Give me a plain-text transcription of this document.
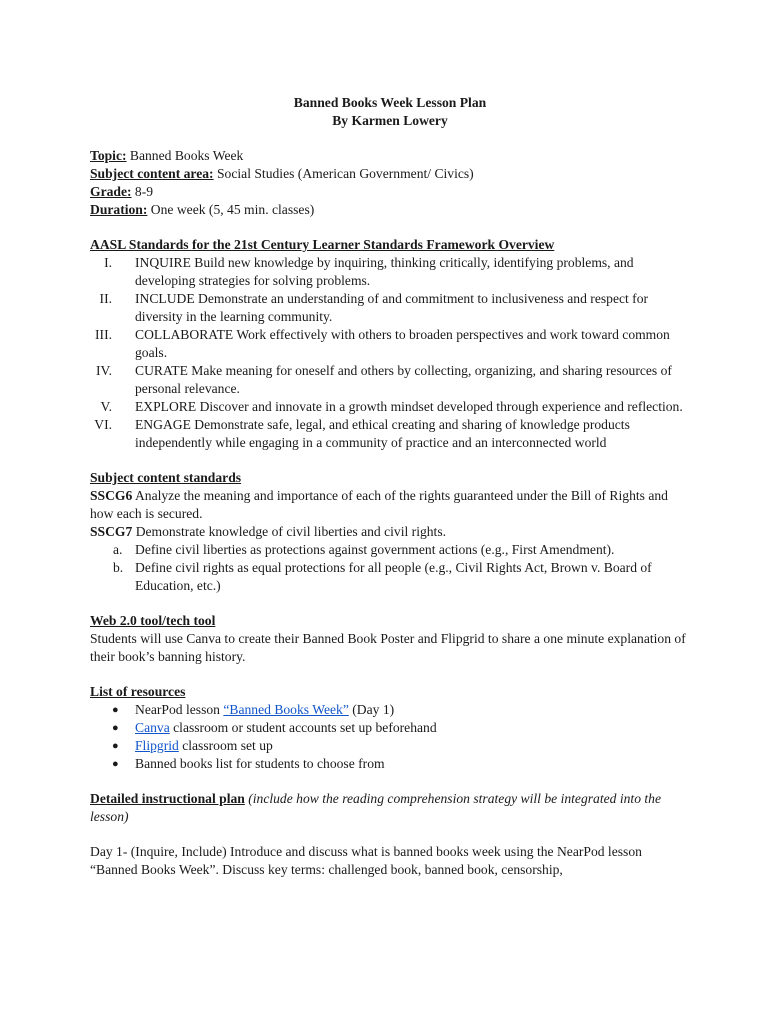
Banned Books Week Lesson Plan
By Karmen Lowery
Topic: Banned Books Week
Subject content area: Social Studies (American Government/ Civics)
Grade: 8-9
Duration: One week (5, 45 min. classes)
AASL Standards for the 21st Century Learner Standards Framework Overview
I. INQUIRE Build new knowledge by inquiring, thinking critically, identifying problems, and developing strategies for solving problems.
II. INCLUDE Demonstrate an understanding of and commitment to inclusiveness and respect for diversity in the learning community.
III. COLLABORATE Work effectively with others to broaden perspectives and work toward common goals.
IV. CURATE Make meaning for oneself and others by collecting, organizing, and sharing resources of personal relevance.
V. EXPLORE Discover and innovate in a growth mindset developed through experience and reflection.
VI. ENGAGE Demonstrate safe, legal, and ethical creating and sharing of knowledge products independently while engaging in a community of practice and an interconnected world
Subject content standards
SSCG6 Analyze the meaning and importance of each of the rights guaranteed under the Bill of Rights and how each is secured.
SSCG7 Demonstrate knowledge of civil liberties and civil rights.
a. Define civil liberties as protections against government actions (e.g., First Amendment).
b. Define civil rights as equal protections for all people (e.g., Civil Rights Act, Brown v. Board of Education, etc.)
Web 2.0 tool/tech tool
Students will use Canva to create their Banned Book Poster and Flipgrid to share a one minute explanation of their book’s banning history.
List of resources
● NearPod lesson “Banned Books Week” (Day 1)
● Canva classroom or student accounts set up beforehand
● Flipgrid classroom set up
● Banned books list for students to choose from
Detailed instructional plan (include how the reading comprehension strategy will be integrated into the lesson)
Day 1- (Inquire, Include) Introduce and discuss what is banned books week using the NearPod lesson “Banned Books Week”. Discuss key terms: challenged book, banned book, censorship,
